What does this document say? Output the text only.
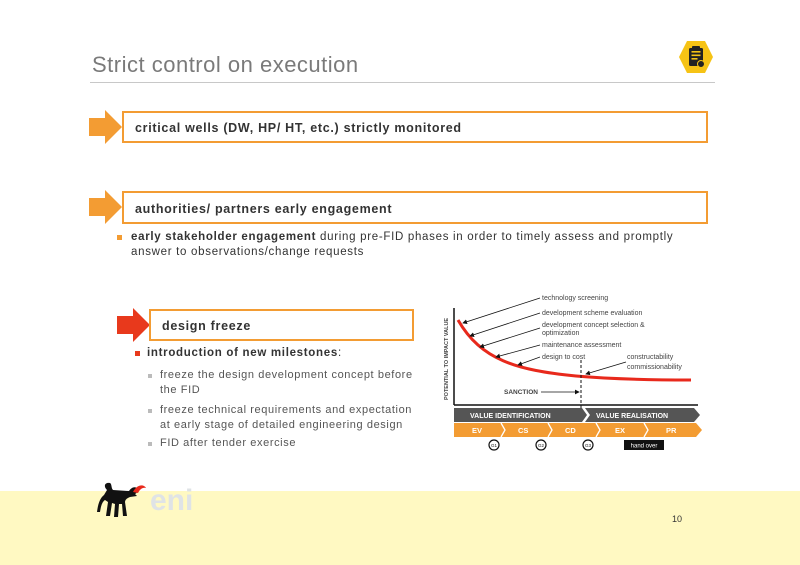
Strict control on execution
critical wells (DW, HP/ HT, etc.) strictly monitored
authorities/ partners early engagement
early stakeholder engagement during pre-FID phases in order to timely assess and promptly
answer to observations/change requests
design freeze
introduction of new milestones:
freeze the design development concept before
the FID
freeze technical requirements and expectation
at early stage of detailed engineering design
FID after tender exercise
POTENTIAL TO IMPACT VALUE	SANCTION
technology screening
development scheme evaluation
development concept selection &
optimization
maintenance assessment
design to cost	constructability
commissionability
VALUE IDENTIFICATION	VALUE REALISATION
EV	CS	CD	EX	PR
G1	G2	G3	hand over
eni
10
